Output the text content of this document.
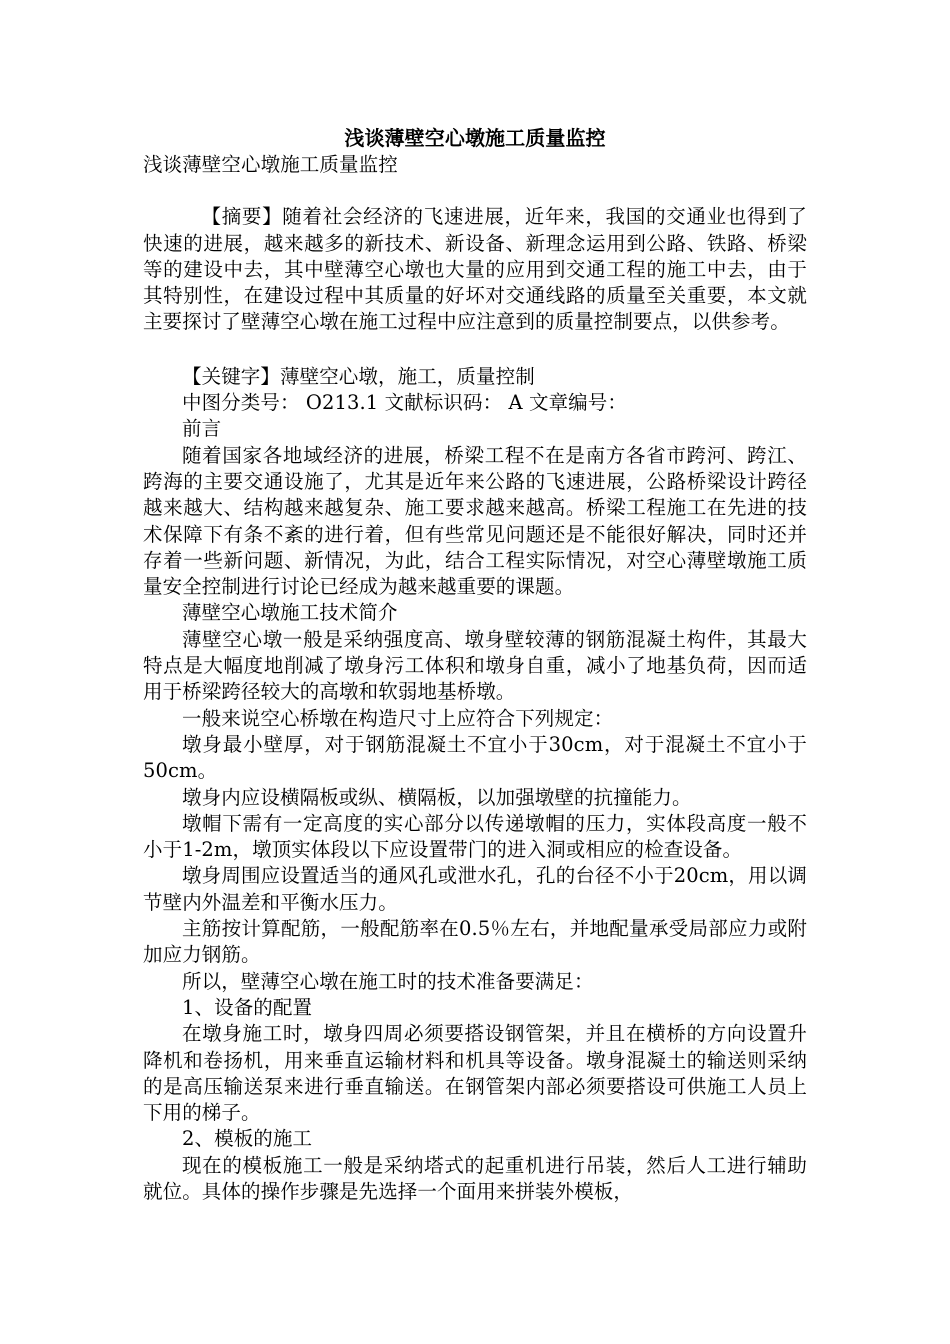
浅谈薄壁空心墩施工质量监控

浅谈薄壁空心墩施工质量监控

【摘要】随着社会经济的飞速进展，近年来，我国的交通业也得到了快速的进展，越来越多的新技术、新设备、新理念运用到公路、铁路、桥梁等的建设中去，其中壁薄空心墩也大量的应用到交通工程的施工中去，由于其特别性，在建设过程中其质量的好坏对交通线路的质量至关重要，本文就主要探讨了壁薄空心墩在施工过程中应注意到的质量控制要点，以供参考。

【关键字】薄壁空心墩，施工，质量控制

中图分类号： O213.1 文献标识码： A 文章编号：

前言

随着国家各地域经济的进展，桥梁工程不在是南方各省市跨河、跨江、跨海的主要交通设施了，尤其是近年来公路的飞速进展，公路桥梁设计跨径越来越大、结构越来越复杂、施工要求越来越高。桥梁工程施工在先进的技术保障下有条不紊的进行着，但有些常见问题还是不能很好解决，同时还并存着一些新问题、新情况，为此，结合工程实际情况，对空心薄壁墩施工质量安全控制进行讨论已经成为越来越重要的课题。

薄壁空心墩施工技术简介

薄壁空心墩一般是采纳强度高、墩身壁较薄的钢筋混凝土构件，其最大特点是大幅度地削减了墩身污工体积和墩身自重，减小了地基负荷，因而适用于桥梁跨径较大的高墩和软弱地基桥墩。

一般来说空心桥墩在构造尺寸上应符合下列规定：

墩身最小壁厚，对于钢筋混凝土不宜小于30cm，对于混凝土不宜小于50cm。

墩身内应设横隔板或纵、横隔板，以加强墩壁的抗撞能力。

墩帽下需有一定高度的实心部分以传递墩帽的压力，实体段高度一般不小于1-2m，墩顶实体段以下应设置带门的进入洞或相应的检查设备。

墩身周围应设置适当的通风孔或泄水孔，孔的台径不小于20cm，用以调节壁内外温差和平衡水压力。

主筋按计算配筋，一般配筋率在0.5％左右，并地配量承受局部应力或附加应力钢筋。

所以，壁薄空心墩在施工时的技术准备要满足：

1、设备的配置

在墩身施工时，墩身四周必须要搭设钢管架，并且在横桥的方向设置升降机和卷扬机，用来垂直运输材料和机具等设备。墩身混凝土的输送则采纳的是高压输送泵来进行垂直输送。在钢管架内部必须要搭设可供施工人员上下用的梯子。

2、模板的施工

现在的模板施工一般是采纳塔式的起重机进行吊装，然后人工进行辅助就位。具体的操作步骤是先选择一个面用来拼装外模板，
